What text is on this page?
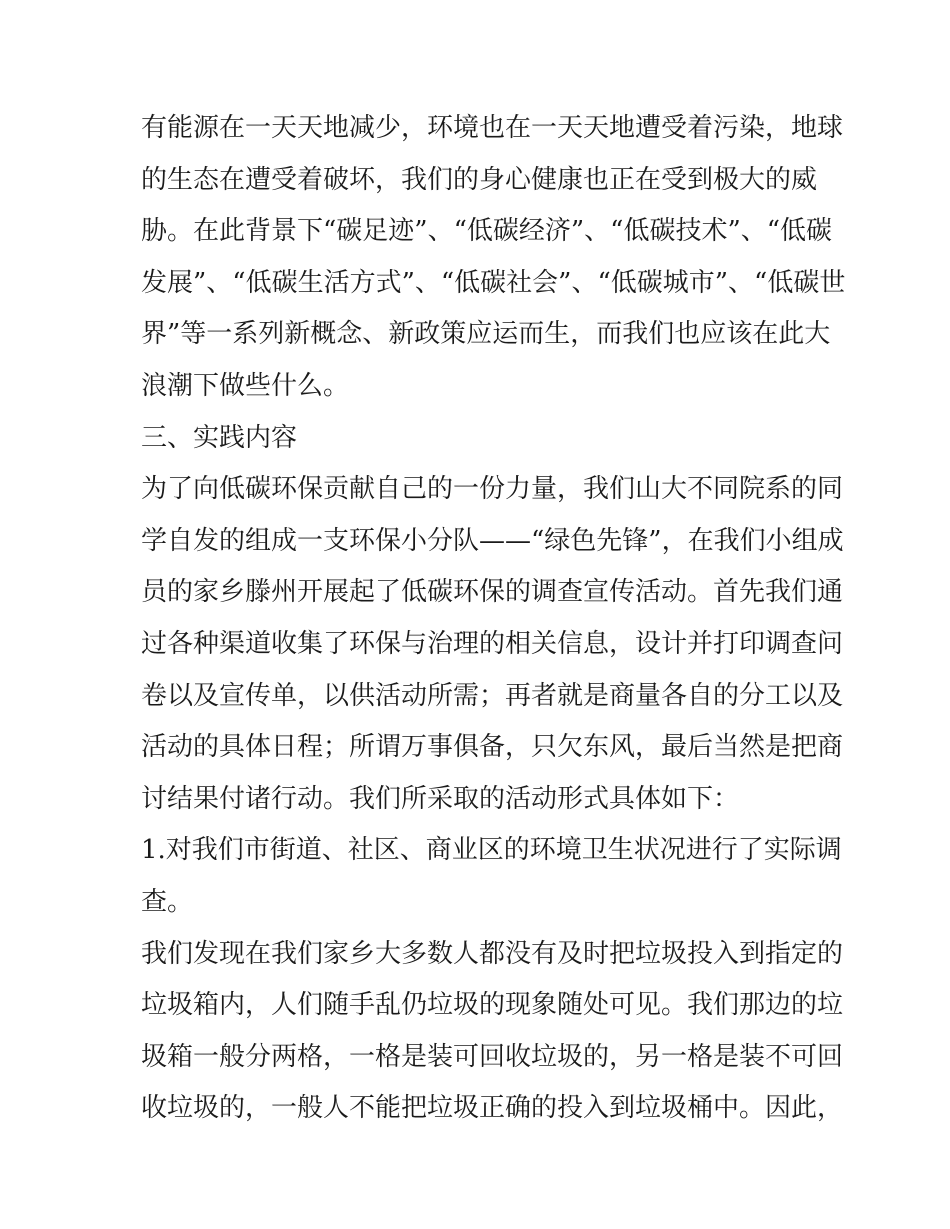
有能源在一天天地减少，环境也在一天天地遭受着污染，地球
的生态在遭受着破坏，我们的身心健康也正在受到极大的威
胁。在此背景下“碳足迹”、“低碳经济”、“低碳技术”、“低碳
发展”、“低碳生活方式”、“低碳社会”、“低碳城市”、“低碳世
界”等一系列新概念、新政策应运而生，而我们也应该在此大
浪潮下做些什么。
三、实践内容
为了向低碳环保贡献自己的一份力量，我们山大不同院系的同
学自发的组成一支环保小分队——“绿色先锋”，在我们小组成
员的家乡滕州开展起了低碳环保的调查宣传活动。首先我们通
过各种渠道收集了环保与治理的相关信息，设计并打印调查问
卷以及宣传单，以供活动所需；再者就是商量各自的分工以及
活动的具体日程；所谓万事俱备，只欠东风，最后当然是把商
讨结果付诸行动。我们所采取的活动形式具体如下：
1.对我们市街道、社区、商业区的环境卫生状况进行了实际调
查。
我们发现在我们家乡大多数人都没有及时把垃圾投入到指定的
垃圾箱内，人们随手乱仍垃圾的现象随处可见。我们那边的垃
圾箱一般分两格，一格是装可回收垃圾的，另一格是装不可回
收垃圾的，一般人不能把垃圾正确的投入到垃圾桶中。因此，
